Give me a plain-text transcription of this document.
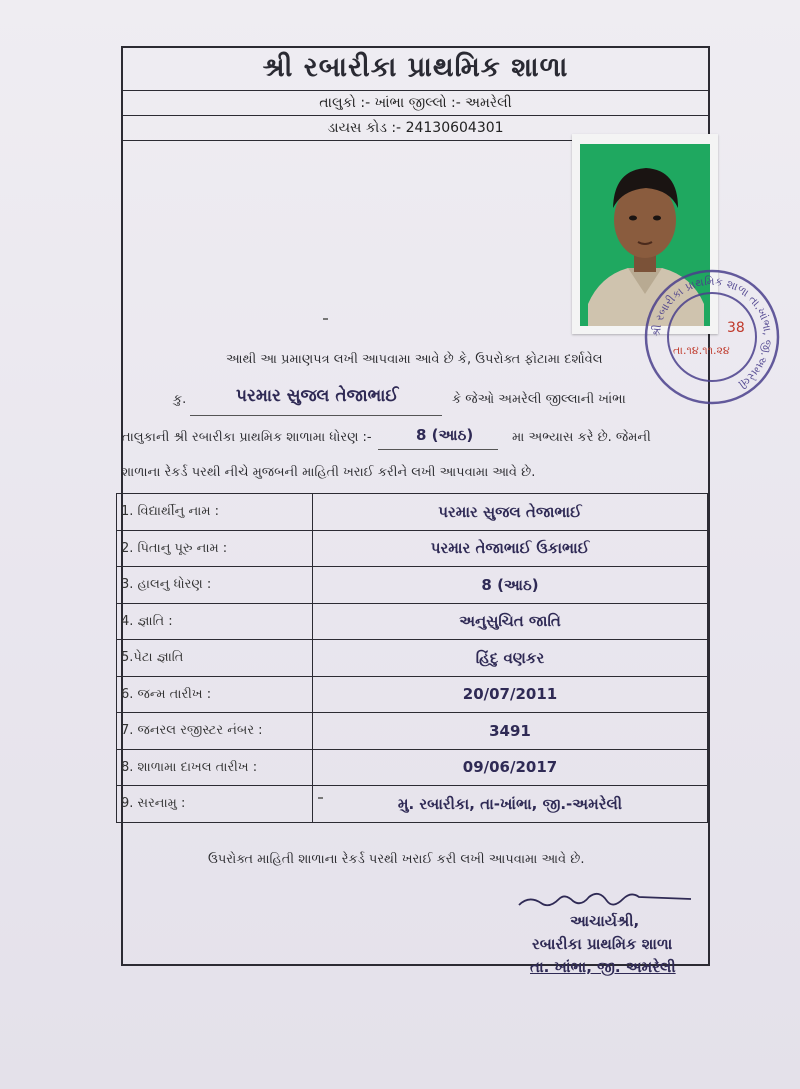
શ્રી રબારીકા પ્રાથમિક શાળા
તાલુકો :- ખાંભા જીલ્લો :- અમરેલી
ડાયસ કોડ :- 24130604301
શ્રી રબારીકા પ્રાથમિક શાળા તા.ખાંભા, જી.અમરેલી
38
તા.૧૪.૧૧.૨૪
આથી આ પ્રમાણપત્ર લખી આપવામા આવે છે કે, ઉપરોક્ત ફોટામા દર્શાવેલ
કુ.	પરમાર સુજલ તેજાભાઈ	કે જેઓ અમરેલી જીલ્લાની ખાંભા
તાલુકાની શ્રી રબારીકા પ્રાથમિક શાળામા ધોરણ :-	8 (આઠ)	મા અભ્યાસ કરે છે. જેમની
શાળાના રેકર્ડ પરથી નીચે મુજબની માહિતી ખરાઈ કરીને લખી આપવામા આવે છે.
1. વિદ્યાર્થીનુ નામ :	પરમાર સુજલ તેજાભાઈ
2. પિતાનુ પૂરુ નામ :	પરમાર તેજાભાઈ ઉકાભાઈ
3. હાલનુ ધોરણ :	8 (આઠ)
4. જ્ઞાતિ :	અનુસુચિત જાતિ
5.પેટા જ્ઞાતિ	હિંદુ વણકર
6. જન્મ તારીખ :	20/07/2011
7. જનરલ રજીસ્ટર નંબર :	3491
8. શાળામા દાખલ તારીખ :	09/06/2017
9. સરનામુ :	મુ. રબારીકા, તા-ખાંભા, જી.-અમરેલી
ઉપરોક્ત માહિતી શાળાના રેકર્ડ પરથી ખરાઈ કરી લખી આપવામા આવે છે.
આચાર્યશ્રી,
રબારીકા પ્રાથમિક શાળા
તા. ખાંભા, જી. અમરેલી
